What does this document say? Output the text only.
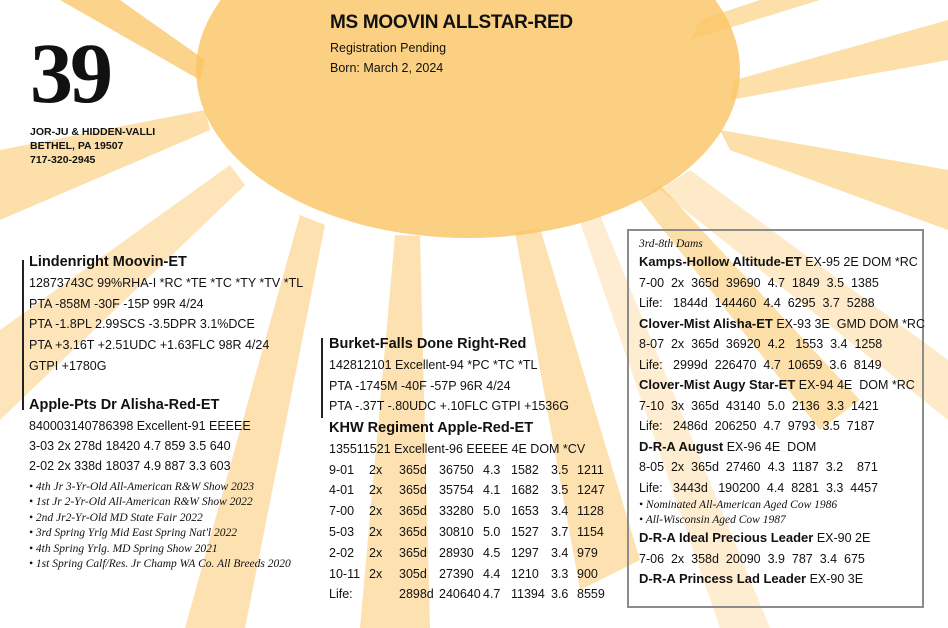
39
JOR-JU & HIDDEN-VALLI
BETHEL, PA 19507
717-320-2945
MS MOOVIN ALLSTAR-RED
Registration Pending
Born: March 2, 2024
Lindenright Moovin-ET
12873743C 99%RHA-I *RC *TE *TC *TY *TV *TL
PTA -858M -30F -15P 99R 4/24
PTA -1.8PL 2.99SCS -3.5DPR 3.1%DCE
PTA +3.16T +2.51UDC +1.63FLC 98R 4/24
GTPI +1780G
Apple-Pts Dr Alisha-Red-ET
840003140786398 Excellent-91 EEEEE
3-03 2x 278d 18420 4.7 859 3.5 640
2-02 2x 338d 18037 4.9 887 3.3 603
• 4th Jr 3-Yr-Old All-American R&W Show 2023
• 1st Jr 2-Yr-Old All-American R&W Show 2022
• 2nd Jr2-Yr-Old MD State Fair 2022
• 3rd Spring Yrlg Mid East Spring Nat'l 2022
• 4th Spring Yrlg. MD Spring Show 2021
• 1st Spring Calf/Res. Jr Champ WA Co. All Breeds 2020
Burket-Falls Done Right-Red
142812101 Excellent-94 *PC *TC *TL
PTA -1745M -40F -57P 96R 4/24
PTA -.37T -.80UDC +.10FLC GTPI +1536G
KHW Regiment Apple-Red-ET
135511521 Excellent-96 EEEEE 4E DOM *CV
9-01	2x	365d 36750 4.3 1582 3.5 1211
4-01	2x	365d 35754 4.1 1682 3.5 1247
7-00	2x	365d 33280 5.0 1653 3.4 1128
5-03	2x	365d 30810 5.0 1527 3.7 1154
2-02	2x	365d 28930 4.5 1297 3.4 979
10-11 2x	305d 27390 4.4 1210 3.3 900
Life:	2898d 240640 4.7 11394 3.6 8559
3rd-8th Dams
Kamps-Hollow Altitude-ET EX-95 2E DOM *RC
7-00  2x  365d  39690  4.7  1849  3.5  1385
Life:   1844d  144460  4.4  6295  3.7  5288
Clover-Mist Alisha-ET EX-93 3E  GMD DOM *RC
8-07  2x  365d  36920  4.2   1553  3.4  1258
Life:   2999d  226470  4.7  10659  3.6  8149
Clover-Mist Augy Star-ET EX-94 4E  DOM *RC
7-10  3x  365d  43140  5.0  2136  3.3  1421
Life:   2486d  206250  4.7  9793  3.5  7187
D-R-A August EX-96 4E  DOM
8-05  2x  365d  27460  4.3  1187  3.2    871
Life:   3443d   190200  4.4  8281  3.3  4457
• Nominated All-American Aged Cow 1986
• All-Wisconsin Aged Cow 1987
D-R-A Ideal Precious Leader EX-90 2E
7-06  2x  358d  20090  3.9  787  3.4  675
D-R-A Princess Lad Leader EX-90 3E
